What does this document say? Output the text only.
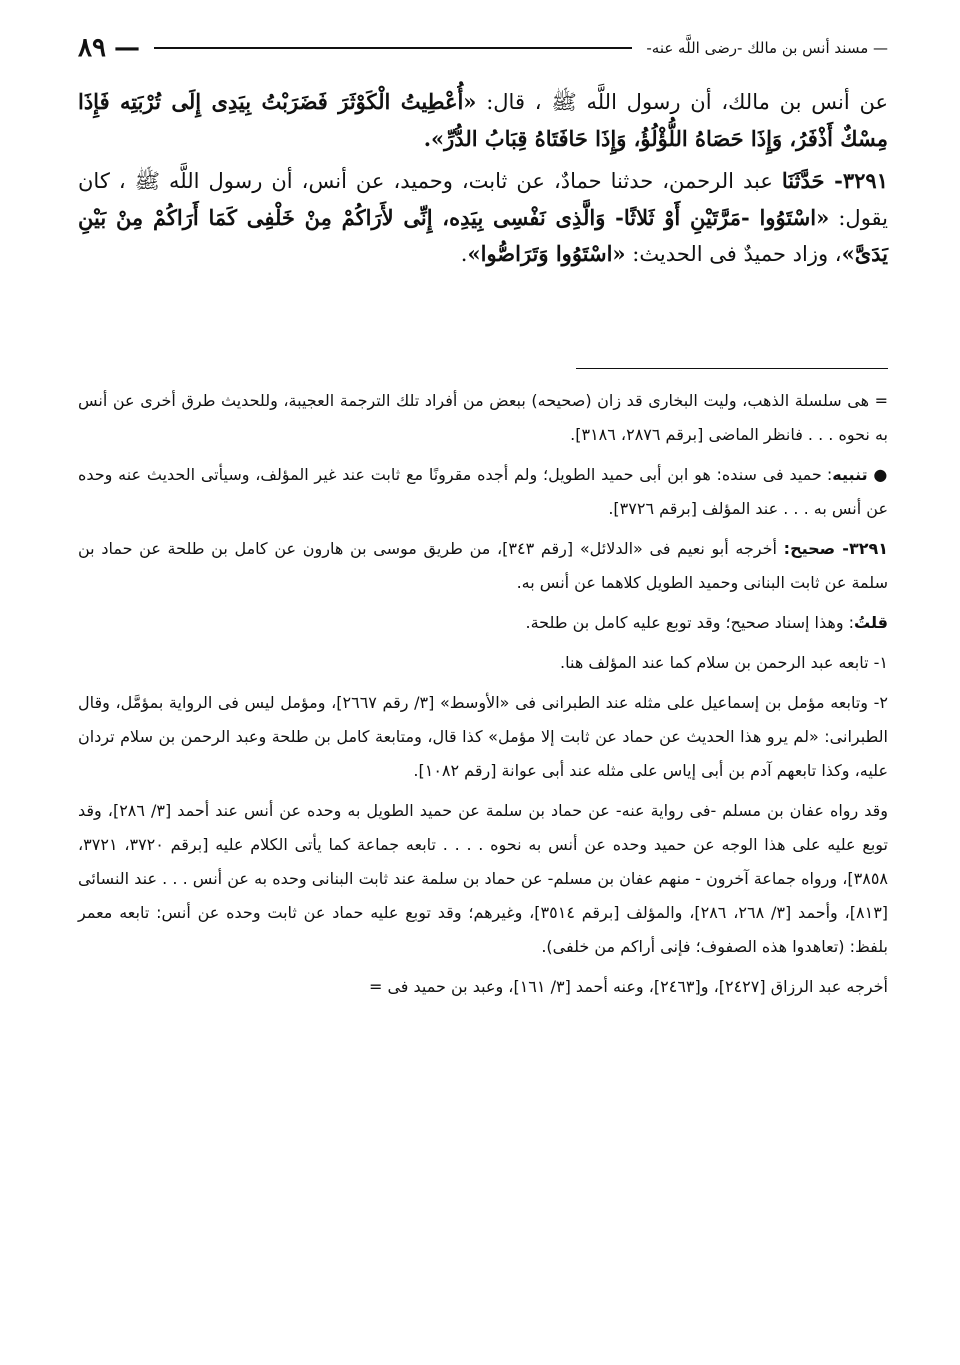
٨٩ —	— مسند أنس بن مالك -رضى اللَّه عنه-

عن أنس بن مالك، أن رسول اللَّه ﷺ ، قال: «أُعْطِيتُ الْكَوْثَرَ فَضَرَبْتُ بِيَدِى إِلَى تُرْبَتِه فَإِذَا مِسْكٌ أَذْفَرُ، وَإِذَا حَصَاهُ اللُّؤْلُؤُ، وَإِذَا حَافَتَاهُ قِبَابُ الدُّرِّ».

٣٢٩١- حَدَّثَنَا عبد الرحمن، حدثنا حمادٌ، عن ثابت، وحميد، عن أنس، أن رسول اللَّه ﷺ ، كان يقول: «اسْتَوُوا -مَرَّتَيْنِ أَوْ ثَلاثًا- وَالَّذِى نَفْسِى بِيَدِه، إِنِّى لأَرَاكُمْ مِنْ خَلْفِى كَمَا أَرَاكُمْ مِنْ بَيْنِ يَدَىَّ»، وزاد حميدٌ فى الحديث: «اسْتَوُوا وَتَرَاصُّوا».

= هى سلسلة الذهب، وليت البخارى قد زان (صحيحه) ببعض من أفراد تلك الترجمة العجيبة، وللحديث طرق أخرى عن أنس به نحوه . . . فانظر الماضى [برقم ٢٨٧٦، ٣١٨٦].

● تنبيه: حميد فى سنده: هو ابن أبى حميد الطويل؛ ولم أجده مقرونًا مع ثابت عند غير المؤلف، وسيأتى الحديث عنه وحده عن أنس به . . . عند المؤلف [برقم ٣٧٢٦].

٣٢٩١- صحيح: أخرجه أبو نعيم فى «الدلائل» [رقم ٣٤٣]، من طريق موسى بن هارون عن كامل بن طلحة عن حماد بن سلمة عن ثابت البنانى وحميد الطويل كلاهما عن أنس به.

قلتُ: وهذا إسناد صحيح؛ وقد توبع عليه كامل بن طلحة.

١- تابعه عبد الرحمن بن سلام كما عند المؤلف هنا.

٢- وتابعه مؤمل بن إسماعيل على مثله عند الطبرانى فى «الأوسط» [٣/ رقم ٢٦٦٧]، ومؤمل ليس فى الرواية بمؤمَّل، وقال الطبرانى: «لم يرو هذا الحديث عن حماد عن ثابت إلا مؤمل» كذا قال، ومتابعة كامل بن طلحة وعبد الرحمن بن سلام تردان عليه، وكذا تابعهم آدم بن أبى إياس على مثله عند أبى عوانة [رقم ١٠٨٢].

وقد رواه عفان بن مسلم -فى رواية عنه- عن حماد بن سلمة عن حميد الطويل به وحده عن أنس عند أحمد [٣/ ٢٨٦]، وقد توبع عليه على هذا الوجه عن حميد وحده عن أنس به نحوه . . . . تابعه جماعة كما يأتى الكلام عليه [برقم ٣٧٢٠، ٣٧٢١، ٣٨٥٨]، ورواه جماعة آخرون - منهم عفان بن مسلم- عن حماد بن سلمة عند ثابت البنانى وحده به عن أنس . . . عند النسائى [٨١٣]، وأحمد [٣/ ٢٦٨، ٢٨٦]، والمؤلف [برقم ٣٥١٤]، وغيرهم؛ وقد توبع عليه حماد عن ثابت وحده عن أنس: تابعه معمر بلفظ: (تعاهدوا هذه الصفوف؛ فإنى أراكم من خلفى).

أخرجه عبد الرزاق [٢٤٢٧]، و[٢٤٦٣]، وعنه أحمد [٣/ ١٦١]، وعبد بن حميد فى =
